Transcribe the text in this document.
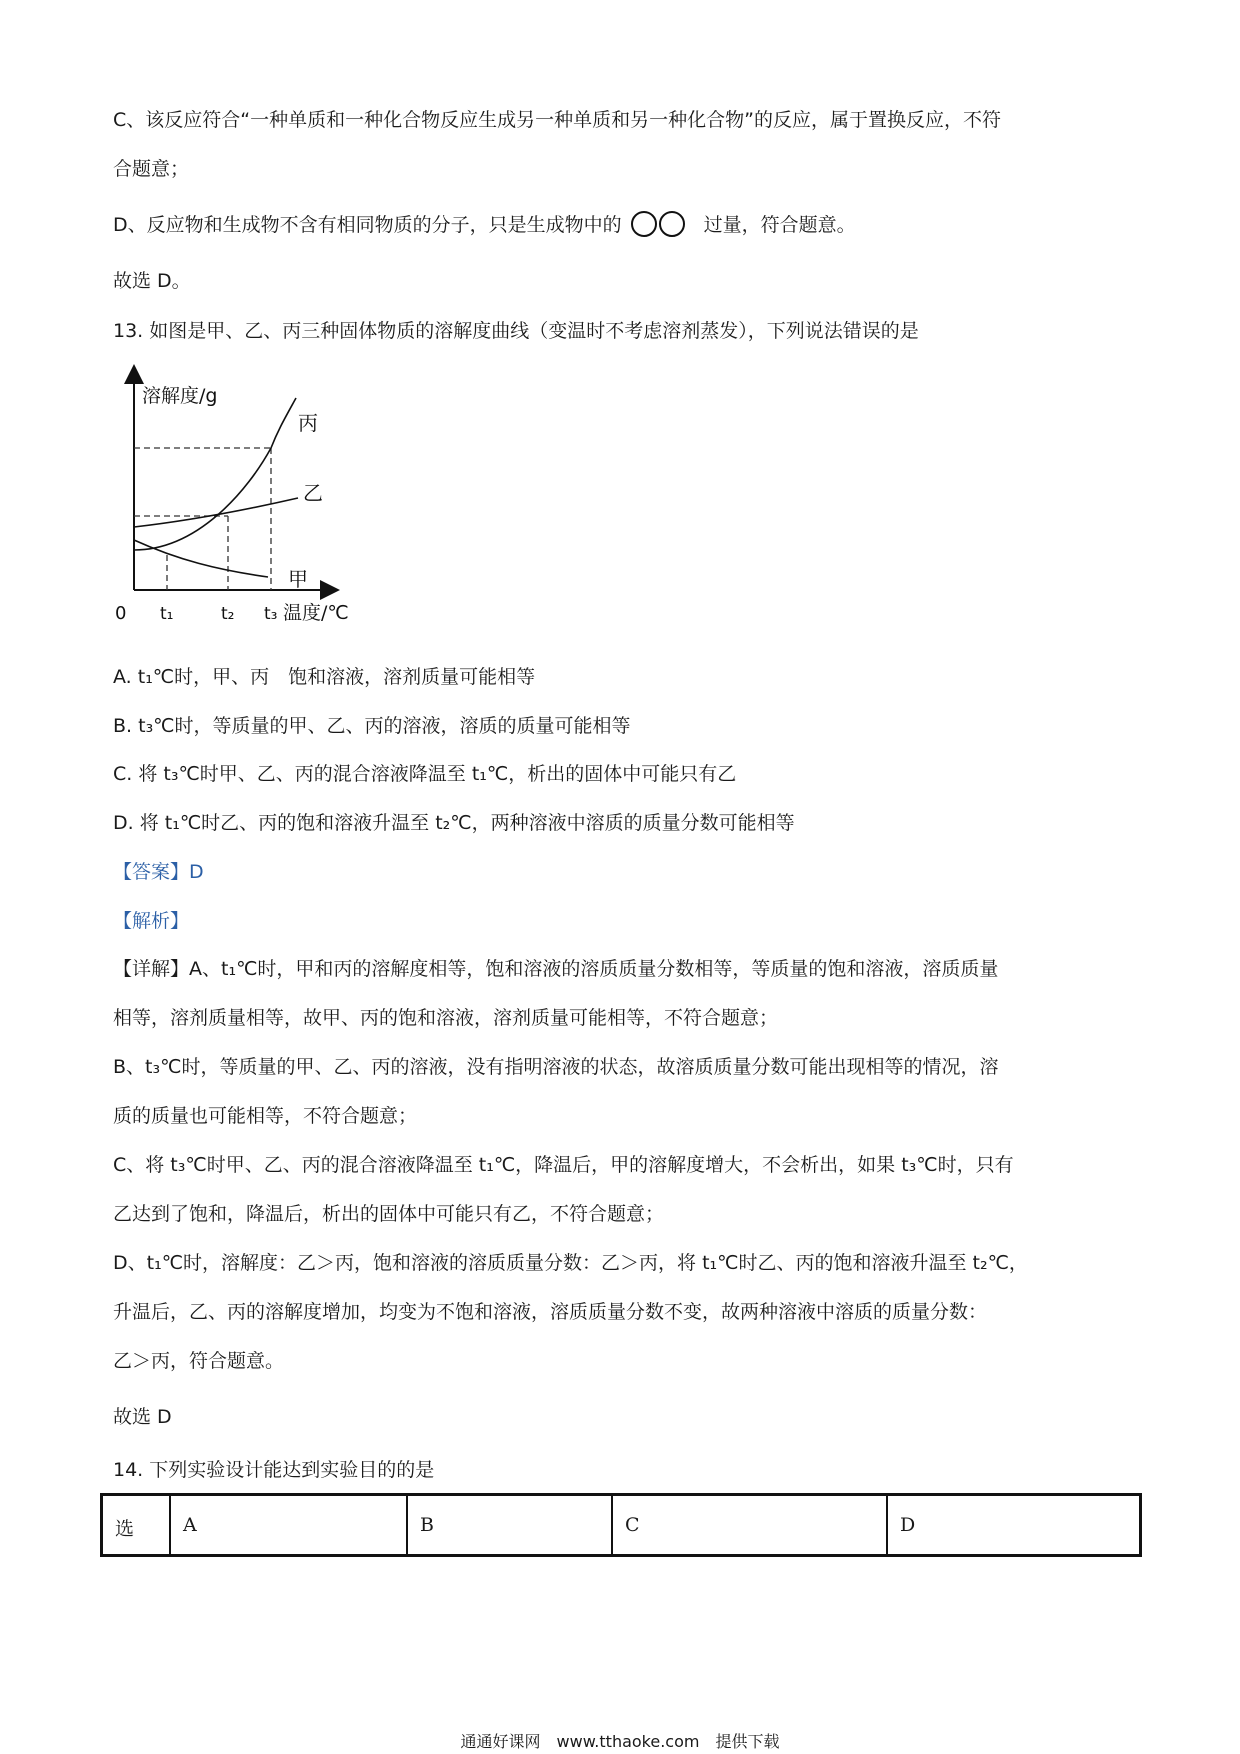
C、该反应符合“一种单质和一种化合物反应生成另一种单质和另一种化合物”的反应，属于置换反应，不符
合题意；
D、反应物和生成物不含有相同物质的分子，只是生成物中的	过量，符合题意。
故选 D。
13. 如图是甲、乙、丙三种固体物质的溶解度曲线（变温时不考虑溶剂蒸发），下列说法错误的是
溶解度/g
丙
乙
甲
0 t₁	t₂ t₃ 温度/℃
A. t₁℃时，甲、丙　饱和溶液，溶剂质量可能相等
B. t₃℃时，等质量的甲、乙、丙的溶液，溶质的质量可能相等
C. 将 t₃℃时甲、乙、丙的混合溶液降温至 t₁℃，析出的固体中可能只有乙
D. 将 t₁℃时乙、丙的饱和溶液升温至 t₂℃，两种溶液中溶质的质量分数可能相等
【答案】D
【解析】
【详解】A、t₁℃时，甲和丙的溶解度相等，饱和溶液的溶质质量分数相等，等质量的饱和溶液，溶质质量
相等，溶剂质量相等，故甲、丙的饱和溶液，溶剂质量可能相等，不符合题意；
B、t₃℃时，等质量的甲、乙、丙的溶液，没有指明溶液的状态，故溶质质量分数可能出现相等的情况，溶
质的质量也可能相等，不符合题意；
C、将 t₃℃时甲、乙、丙的混合溶液降温至 t₁℃，降温后，甲的溶解度增大，不会析出，如果 t₃℃时，只有
乙达到了饱和，降温后，析出的固体中可能只有乙，不符合题意；
D、t₁℃时，溶解度：乙＞丙，饱和溶液的溶质质量分数：乙＞丙，将 t₁℃时乙、丙的饱和溶液升温至 t₂℃，
升温后，乙、丙的溶解度增加，均变为不饱和溶液，溶质质量分数不变，故两种溶液中溶质的质量分数：
乙＞丙，符合题意。
故选 D
14. 下列实验设计能达到实验目的的是
选	A	B	C	D
通通好课网　www.tthaoke.com　提供下载
